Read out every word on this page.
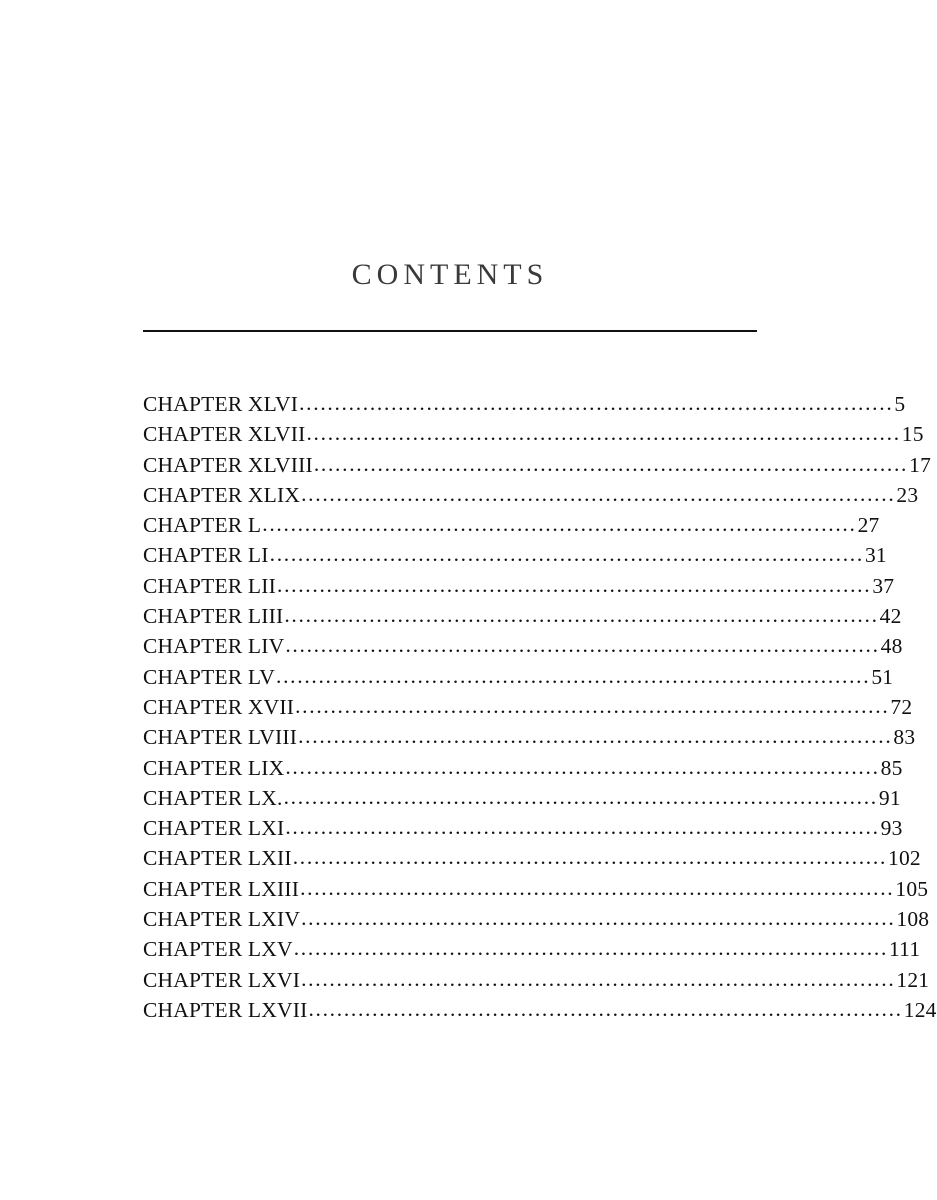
CONTENTS
CHAPTER XLVI .................................................................................... 5
CHAPTER XLVII .................................................................................... 15
CHAPTER XLVIII .................................................................................... 17
CHAPTER XLIX .................................................................................... 23
CHAPTER L .................................................................................... 27
CHAPTER LI .................................................................................... 31
CHAPTER LII .................................................................................... 37
CHAPTER LIII .................................................................................... 42
CHAPTER LIV .................................................................................... 48
CHAPTER LV .................................................................................... 51
CHAPTER XVII .................................................................................... 72
CHAPTER LVIII .................................................................................... 83
CHAPTER LIX .................................................................................... 85
CHAPTER LX. .................................................................................... 91
CHAPTER LXI .................................................................................... 93
CHAPTER LXII .................................................................................... 102
CHAPTER LXIII .................................................................................... 105
CHAPTER LXIV .................................................................................... 108
CHAPTER LXV .................................................................................... 111
CHAPTER LXVI .................................................................................... 121
CHAPTER LXVII .................................................................................... 124
